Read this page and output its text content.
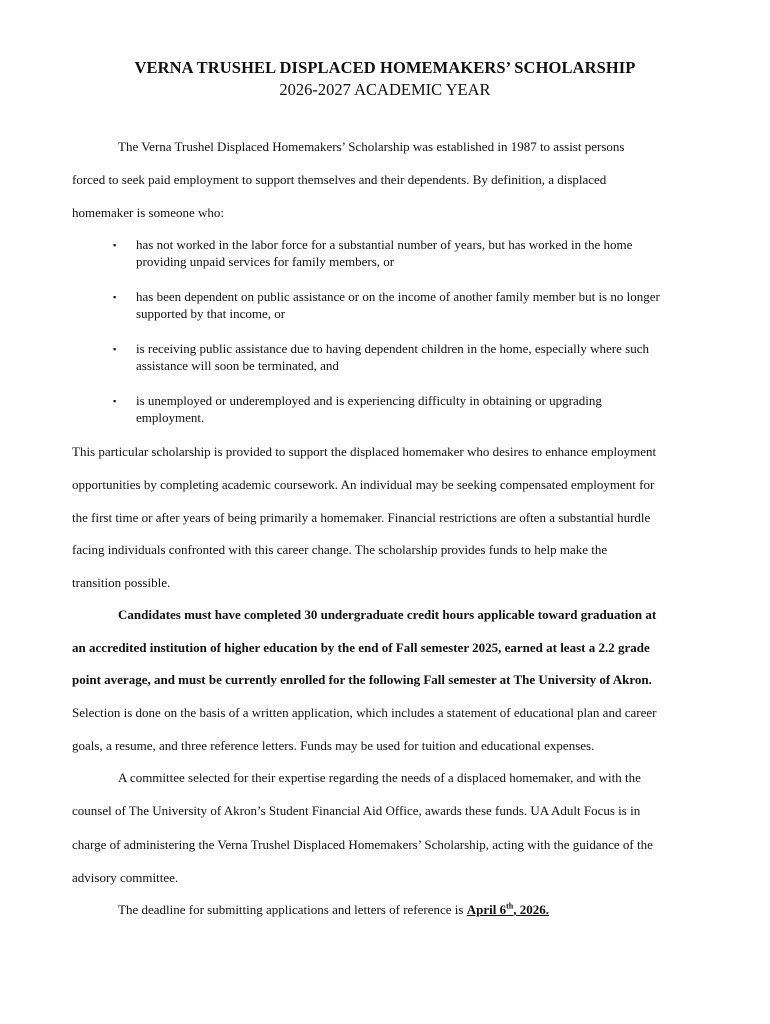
VERNA TRUSHEL DISPLACED HOMEMAKERS’ SCHOLARSHIP
2026-2027 ACADEMIC YEAR
The Verna Trushel Displaced Homemakers’ Scholarship was established in 1987 to assist persons
forced to seek paid employment to support themselves and their dependents. By definition, a displaced
homemaker is someone who:
▪ has not worked in the labor force for a substantial number of years, but has worked in the home
providing unpaid services for family members, or
▪ has been dependent on public assistance or on the income of another family member but is no longer
supported by that income, or
▪ is receiving public assistance due to having dependent children in the home, especially where such
assistance will soon be terminated, and
▪ is unemployed or underemployed and is experiencing difficulty in obtaining or upgrading
employment.
This particular scholarship is provided to support the displaced homemaker who desires to enhance employment
opportunities by completing academic coursework. An individual may be seeking compensated employment for
the first time or after years of being primarily a homemaker. Financial restrictions are often a substantial hurdle
facing individuals confronted with this career change. The scholarship provides funds to help make the
transition possible.
Candidates must have completed 30 undergraduate credit hours applicable toward graduation at
an accredited institution of higher education by the end of Fall semester 2025, earned at least a 2.2 grade
point average, and must be currently enrolled for the following Fall semester at The University of Akron.
Selection is done on the basis of a written application, which includes a statement of educational plan and career
goals, a resume, and three reference letters. Funds may be used for tuition and educational expenses.
A committee selected for their expertise regarding the needs of a displaced homemaker, and with the
counsel of The University of Akron’s Student Financial Aid Office, awards these funds. UA Adult Focus is in
charge of administering the Verna Trushel Displaced Homemakers’ Scholarship, acting with the guidance of the
advisory committee.
The deadline for submitting applications and letters of reference is April 6th, 2026.
